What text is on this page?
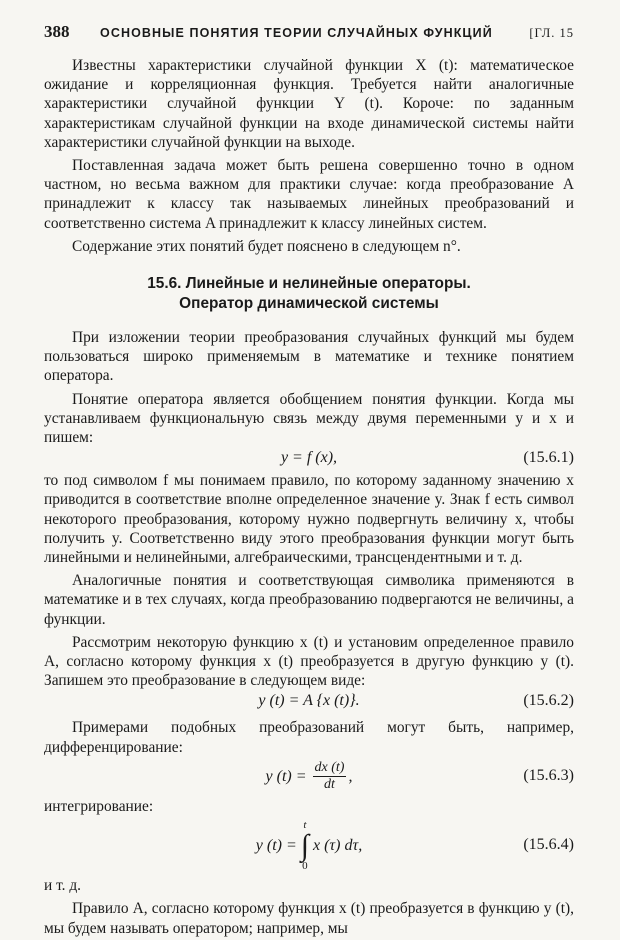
388	ОСНОВНЫЕ ПОНЯТИЯ ТЕОРИИ СЛУЧАЙНЫХ ФУНКЦИЙ	[ГЛ. 15

Известны характеристики случайной функции X (t): математическое ожидание и корреляционная функция. Требуется найти аналогичные характеристики случайной функции Y (t). Короче: по заданным характеристикам случайной функции на входе динамической системы найти характеристики случайной функции на выходе.

Поставленная задача может быть решена совершенно точно в одном частном, но весьма важном для практики случае: когда преобразование A принадлежит к классу так называемых линейных преобразований и соответственно система A принадлежит к классу линейных систем.

Содержание этих понятий будет пояснено в следующем n°.

15.6. Линейные и нелинейные операторы.
Оператор динамической системы

При изложении теории преобразования случайных функций мы будем пользоваться широко применяемым в математике и технике понятием оператора.

Понятие оператора является обобщением понятия функции. Когда мы устанавливаем функциональную связь между двумя переменными y и x и пишем:

y = f (x),	(15.6.1)

то под символом f мы понимаем правило, по которому заданному значению x приводится в соответствие вполне определенное значение y. Знак f есть символ некоторого преобразования, которому нужно подвергнуть величину x, чтобы получить y. Соответственно виду этого преобразования функции могут быть линейными и нелинейными, алгебраическими, трансцендентными и т. д.

Аналогичные понятия и соответствующая символика применяются в математике и в тех случаях, когда преобразованию подвергаются не величины, а функции.

Рассмотрим некоторую функцию x (t) и установим определенное правило A, согласно которому функция x (t) преобразуется в другую функцию y (t). Запишем это преобразование в следующем виде:

y (t) = A {x (t)}.	(15.6.2)

Примерами подобных преобразований могут быть, например, дифференцирование:

y $(t) = \frac{dx (t)}{dt}$ ,	(15.6.3)

интегрирование:

y (t) =
t
∫
0
x (τ) dτ,	(15.6.4)

и т. д.

Правило A, согласно которому функция x (t) преобразуется в функцию y (t), мы будем называть оператором; например, мы
